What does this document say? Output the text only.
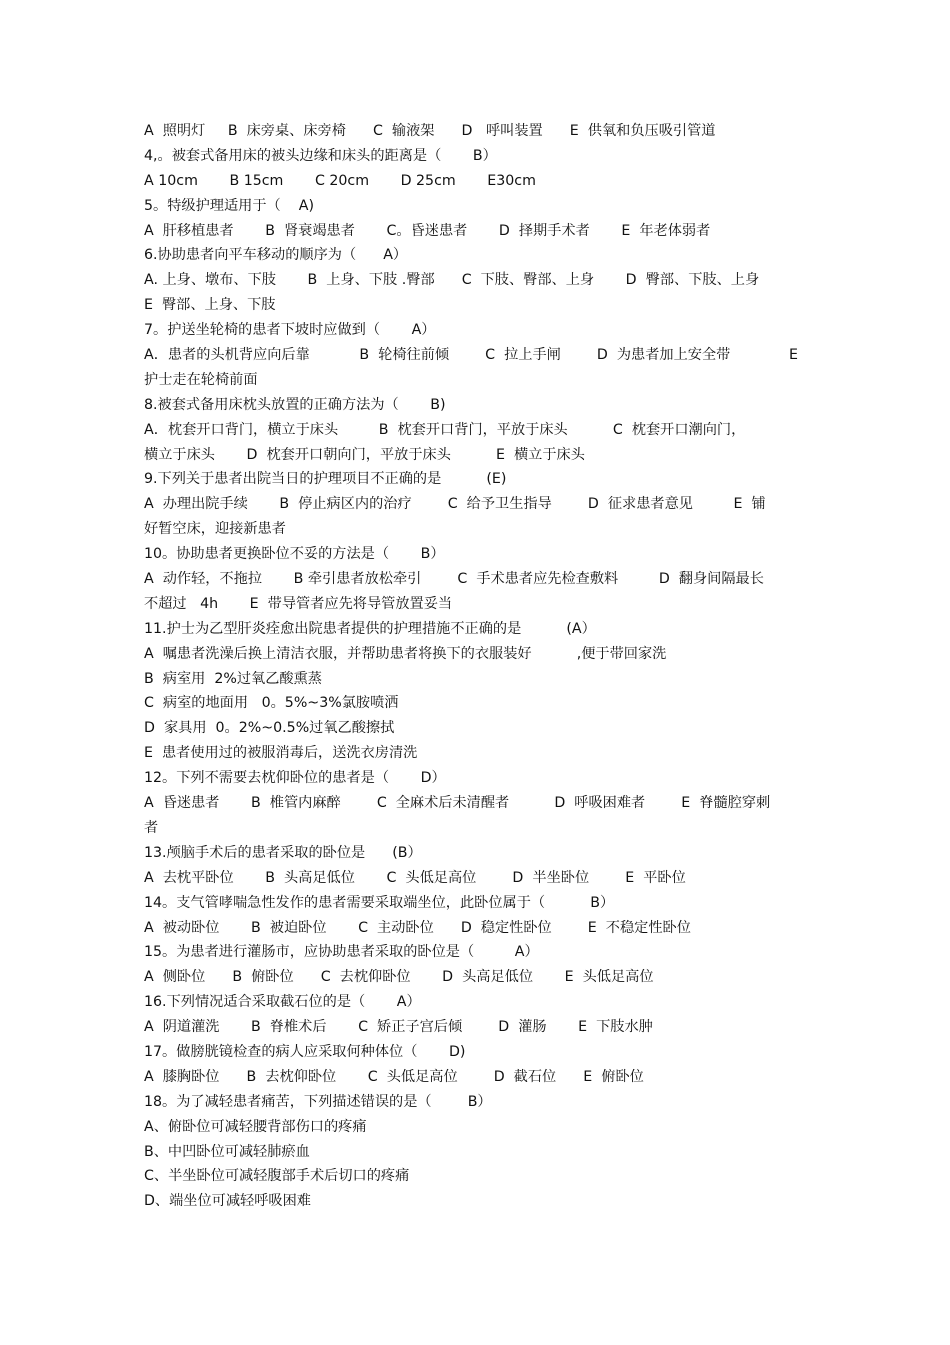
A  照明灯     B  床旁桌、床旁椅      C  输液架      D   呼叫装置      E  供氧和负压吸引管道
4,。被套式备用床的被头边缘和床头的距离是（       B）
A 10cm       B 15cm       C 20cm       D 25cm       E30cm
5。特级护理适用于（    A)
A  肝移植患者       B  肾衰竭患者       C。昏迷患者       D  择期手术者       E  年老体弱者
6.协助患者向平车移动的顺序为（      A）
A. 上身、墩布、下肢       B  上身、下肢 .臀部      C  下肢、臀部、上身       D  臀部、下肢、上身
E  臀部、上身、下肢
7。护送坐轮椅的患者下坡时应做到（       A）
A．患者的头机背应向后靠           B  轮椅往前倾        C  拉上手闸        D  为患者加上安全带             E
护士走在轮椅前面
8.被套式备用床枕头放置的正确方法为（       B)
A．枕套开口背门，横立于床头         B  枕套开口背门，平放于床头          C  枕套开口潮向门，
横立于床头       D  枕套开口朝向门，平放于床头          E  横立于床头
9.下列关于患者出院当日的护理项目不正确的是          (E)
A  办理出院手续       B  停止病区内的治疗        C  给予卫生指导        D  征求患者意见         E  铺
好暂空床，迎接新患者
10。协助患者更换卧位不妥的方法是（       B）
A  动作轻，不拖拉       B 牵引患者放松牵引        C  手术患者应先检查敷料         D  翻身间隔最长
不超过   4h       E  带导管者应先将导管放置妥当
11.护士为乙型肝炎痊愈出院患者提供的护理措施不正确的是          (A）
A  嘱患者洗澡后换上清洁衣服，并帮助患者将换下的衣服装好          ,便于带回家洗
B  病室用  2%过氧乙酸熏蒸
C  病室的地面用   0。5%~3%氯胺喷洒
D  家具用  0。2%~0.5%过氧乙酸擦拭
E  患者使用过的被服消毒后，送洗衣房清洗
12。下列不需要去枕仰卧位的患者是（       D）
A  昏迷患者       B  椎管内麻醉        C  全麻术后未清醒者          D  呼吸困难者        E  脊髓腔穿刺
者
13.颅脑手术后的患者采取的卧位是      (B）
A  去枕平卧位       B  头高足低位       C  头低足高位        D  半坐卧位        E  平卧位
14。支气管哮喘急性发作的患者需要采取端坐位，此卧位属于（          B）
A  被动卧位       B  被迫卧位       C  主动卧位      D  稳定性卧位        E  不稳定性卧位
15。为患者进行灌肠市，应协助患者采取的卧位是（         A）
A  侧卧位      B  俯卧位      C  去枕仰卧位       D  头高足低位       E  头低足高位
16.下列情况适合采取截石位的是（       A）
A  阴道灌洗       B  脊椎术后       C  矫正子宫后倾        D  灌肠       E  下肢水肿
17。做膀胱镜检查的病人应采取何种体位（       D)
A  膝胸卧位      B  去枕仰卧位       C  头低足高位        D  截石位      E  俯卧位
18。为了减轻患者痛苦，下列描述错误的是（        B）
A、俯卧位可减轻腰背部伤口的疼痛
B、中凹卧位可减轻肺瘀血
C、半坐卧位可减轻腹部手术后切口的疼痛
D、端坐位可减轻呼吸困难
